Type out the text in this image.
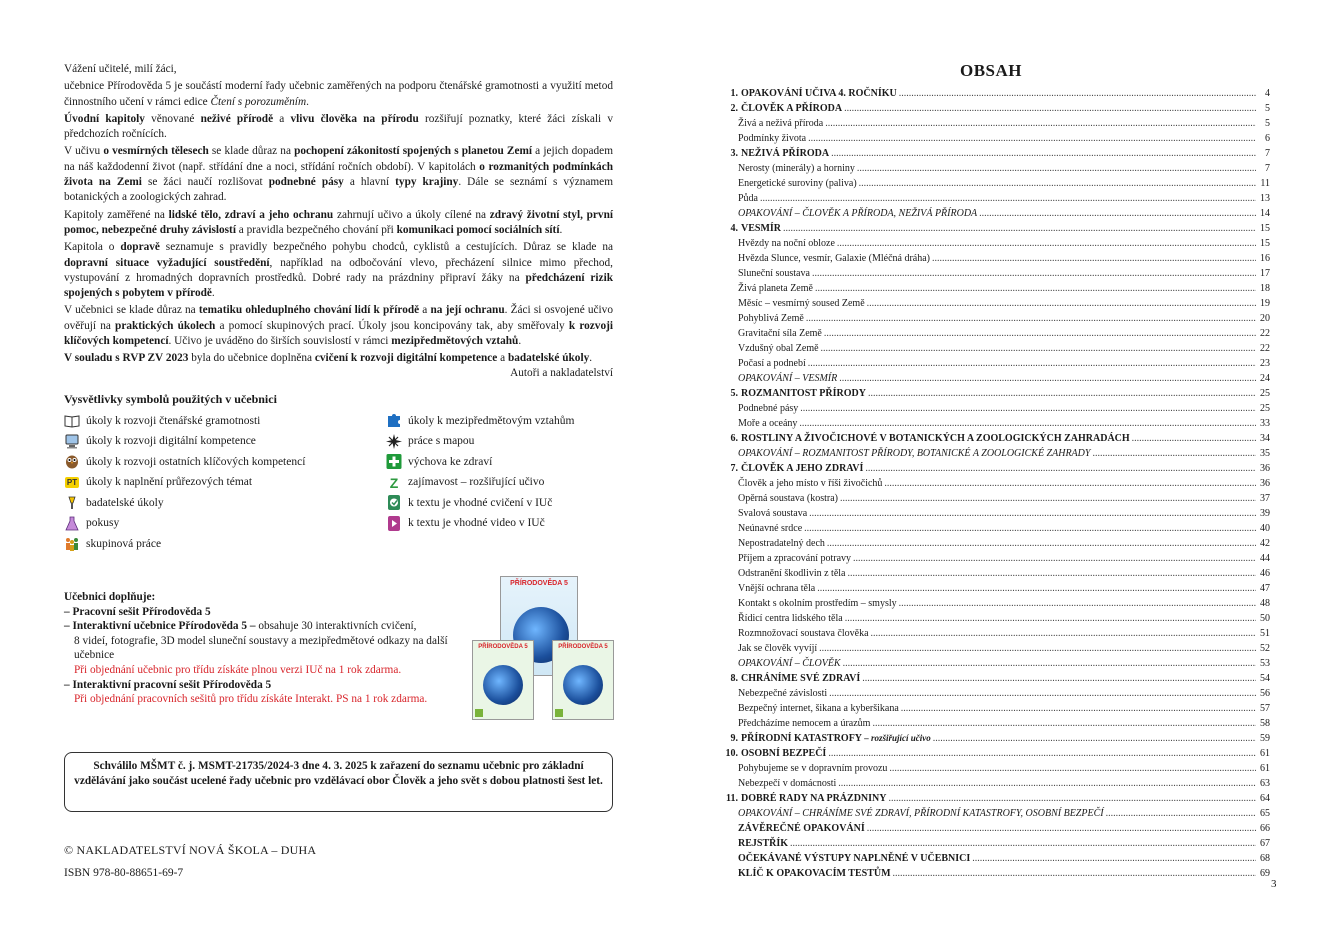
Vážení učitelé, milí žáci,
učebnice Přírodověda 5 je součástí moderní řady učebnic zaměřených na podporu čtenářské gramotnosti a využití metod činnostního učení v rámci edice Čtení s porozuměním.
Úvodní kapitoly věnované neživé přírodě a vlivu člověka na přírodu rozšiřují poznatky, které žáci získali v předchozích ročnících.
V učivu o vesmírných tělesech se klade důraz na pochopení zákonitostí spojených s planetou Zemí a jejich dopadem na náš každodenní život (např. střídání dne a noci, střídání ročních období). V kapitolách o rozmanitých podmínkách života na Zemi se žáci naučí rozlišovat podnebné pásy a hlavní typy krajiny. Dále se seznámí s významem botanických a zoologických zahrad.
Kapitoly zaměřené na lidské tělo, zdraví a jeho ochranu zahrnují učivo a úkoly cílené na zdravý životní styl, první pomoc, nebezpečné druhy závislostí a pravidla bezpečného chování při komunikaci pomocí sociálních sítí.
Kapitola o dopravě seznamuje s pravidly bezpečného pohybu chodců, cyklistů a cestujících. Důraz se klade na dopravní situace vyžadující soustředění, například na odbočování vlevo, přecházení silnice mimo přechod, vystupování z hromadných dopravních prostředků. Dobré rady na prázdniny připraví žáky na předcházení rizik spojených s pobytem v přírodě.
V učebnici se klade důraz na tematiku ohleduplného chování lidí k přírodě a na její ochranu. Žáci si osvojené učivo ověřují na praktických úkolech a pomocí skupinových prací. Úkoly jsou koncipovány tak, aby směřovaly k rozvoji klíčových kompetencí. Učivo je uváděno do širších souvislostí v rámci mezipředmětových vztahů.
V souladu s RVP ZV 2023 byla do učebnice doplněna cvičení k rozvoji digitální kompetence a badatelské úkoly.
Autoři a nakladatelství
Vysvětlivky symbolů použitých v učebnici
úkoly k rozvoji čtenářské gramotnosti
úkoly k rozvoji digitální kompetence
úkoly k rozvoji ostatních klíčových kompetencí
PT úkoly k naplnění průřezových témat
badatelské úkoly
pokusy
skupinová práce
úkoly k mezipředmětovým vztahům
práce s mapou
výchova ke zdraví
Z zajímavost – rozšiřující učivo
k textu je vhodné cvičení v IUč
k textu je vhodné video v IUč
Učebnici doplňuje:
– Pracovní sešit Přírodověda 5
– Interaktivní učebnice Přírodověda 5 – obsahuje 30 interaktivních cvičení,
8 videí, fotografie, 3D model sluneční soustavy a mezipředmětové odkazy na další učebnice
Při objednání učebnic pro třídu získáte plnou verzi IUč na 1 rok zdarma.
– Interaktivní pracovní sešit Přírodověda 5
Při objednání pracovních sešitů pro třídu získáte Interakt. PS na 1 rok zdarma.
PŘÍRODOVĚDA 5
PŘÍRODOVĚDA 5	PŘÍRODOVĚDA 5
Schválilo MŠMT č. j. MSMT-21735/2024-3 dne 4. 3. 2025 k zařazení do seznamu učebnic pro základní vzdělávání jako součást ucelené řady učebnic pro vzdělávací obor Člověk a jeho svět s dobou platnosti šest let.
© NAKLADATELSTVÍ NOVÁ ŠKOLA – DUHA
ISBN 978-80-88651-69-7
OBSAH
1. OPAKOVÁNÍ UČIVA 4. ROČNÍKU .....	4
2. ČLOVĚK A PŘÍRODA .....	5
Živá a neživá příroda .....	5
Podmínky života .....	6
3. NEŽIVÁ PŘÍRODA .....	7
Nerosty (minerály) a horniny .....	7
Energetické suroviny (paliva) .....	11
Půda .....	13
OPAKOVÁNÍ – ČLOVĚK A PŘÍRODA, NEŽIVÁ PŘÍRODA .....	14
4. VESMÍR .....	15
Hvězdy na noční obloze .....	15
Hvězda Slunce, vesmír, Galaxie (Mléčná dráha) .....	16
Sluneční soustava .....	17
Živá planeta Země .....	18
Měsíc – vesmírný soused Země .....	19
Pohyblivá Země .....	20
Gravitační síla Země .....	22
Vzdušný obal Země .....	22
Počasí a podnebí .....	23
OPAKOVÁNÍ – VESMÍR .....	24
5. ROZMANITOST PŘÍRODY .....	25
Podnebné pásy .....	25
Moře a oceány .....	33
6. ROSTLINY A ŽIVOČICHOVÉ V BOTANICKÝCH A ZOOLOGICKÝCH ZAHRADÁCH .....	34
OPAKOVÁNÍ – ROZMANITOST PŘÍRODY, BOTANICKÉ A ZOOLOGICKÉ ZAHRADY .....	35
7. ČLOVĚK A JEHO ZDRAVÍ .....	36
Člověk a jeho místo v říši živočichů .....	36
Opěrná soustava (kostra) .....	37
Svalová soustava .....	39
Neúnavné srdce .....	40
Nepostradatelný dech .....	42
Příjem a zpracování potravy .....	44
Odstranění škodlivin z těla .....	46
Vnější ochrana těla .....	47
Kontakt s okolním prostředím – smysly .....	48
Řídicí centra lidského těla .....	50
Rozmnožovací soustava člověka .....	51
Jak se člověk vyvíjí .....	52
OPAKOVÁNÍ – ČLOVĚK .....	53
8. CHRÁNÍME SVÉ ZDRAVÍ .....	54
Nebezpečné závislosti .....	56
Bezpečný internet, šikana a kyberšikana .....	57
Předcházíme nemocem a úrazům .....	58
9. PŘÍRODNÍ KATASTROFY – rozšiřující učivo .....	59
10. OSOBNÍ BEZPEČÍ .....	61
Pohybujeme se v dopravním provozu .....	61
Nebezpečí v domácnosti .....	63
11. DOBRÉ RADY NA PRÁZDNINY .....	64
OPAKOVÁNÍ – CHRÁNÍME SVÉ ZDRAVÍ, PŘÍRODNÍ KATASTROFY, OSOBNÍ BEZPEČÍ .....	65
ZÁVĚREČNÉ OPAKOVÁNÍ .....	66
REJSTŘÍK .....	67
OČEKÁVANÉ VÝSTUPY NAPLNĚNÉ V UČEBNICI .....	68
KLÍČ K OPAKOVACÍM TESTŮM .....	69
3
